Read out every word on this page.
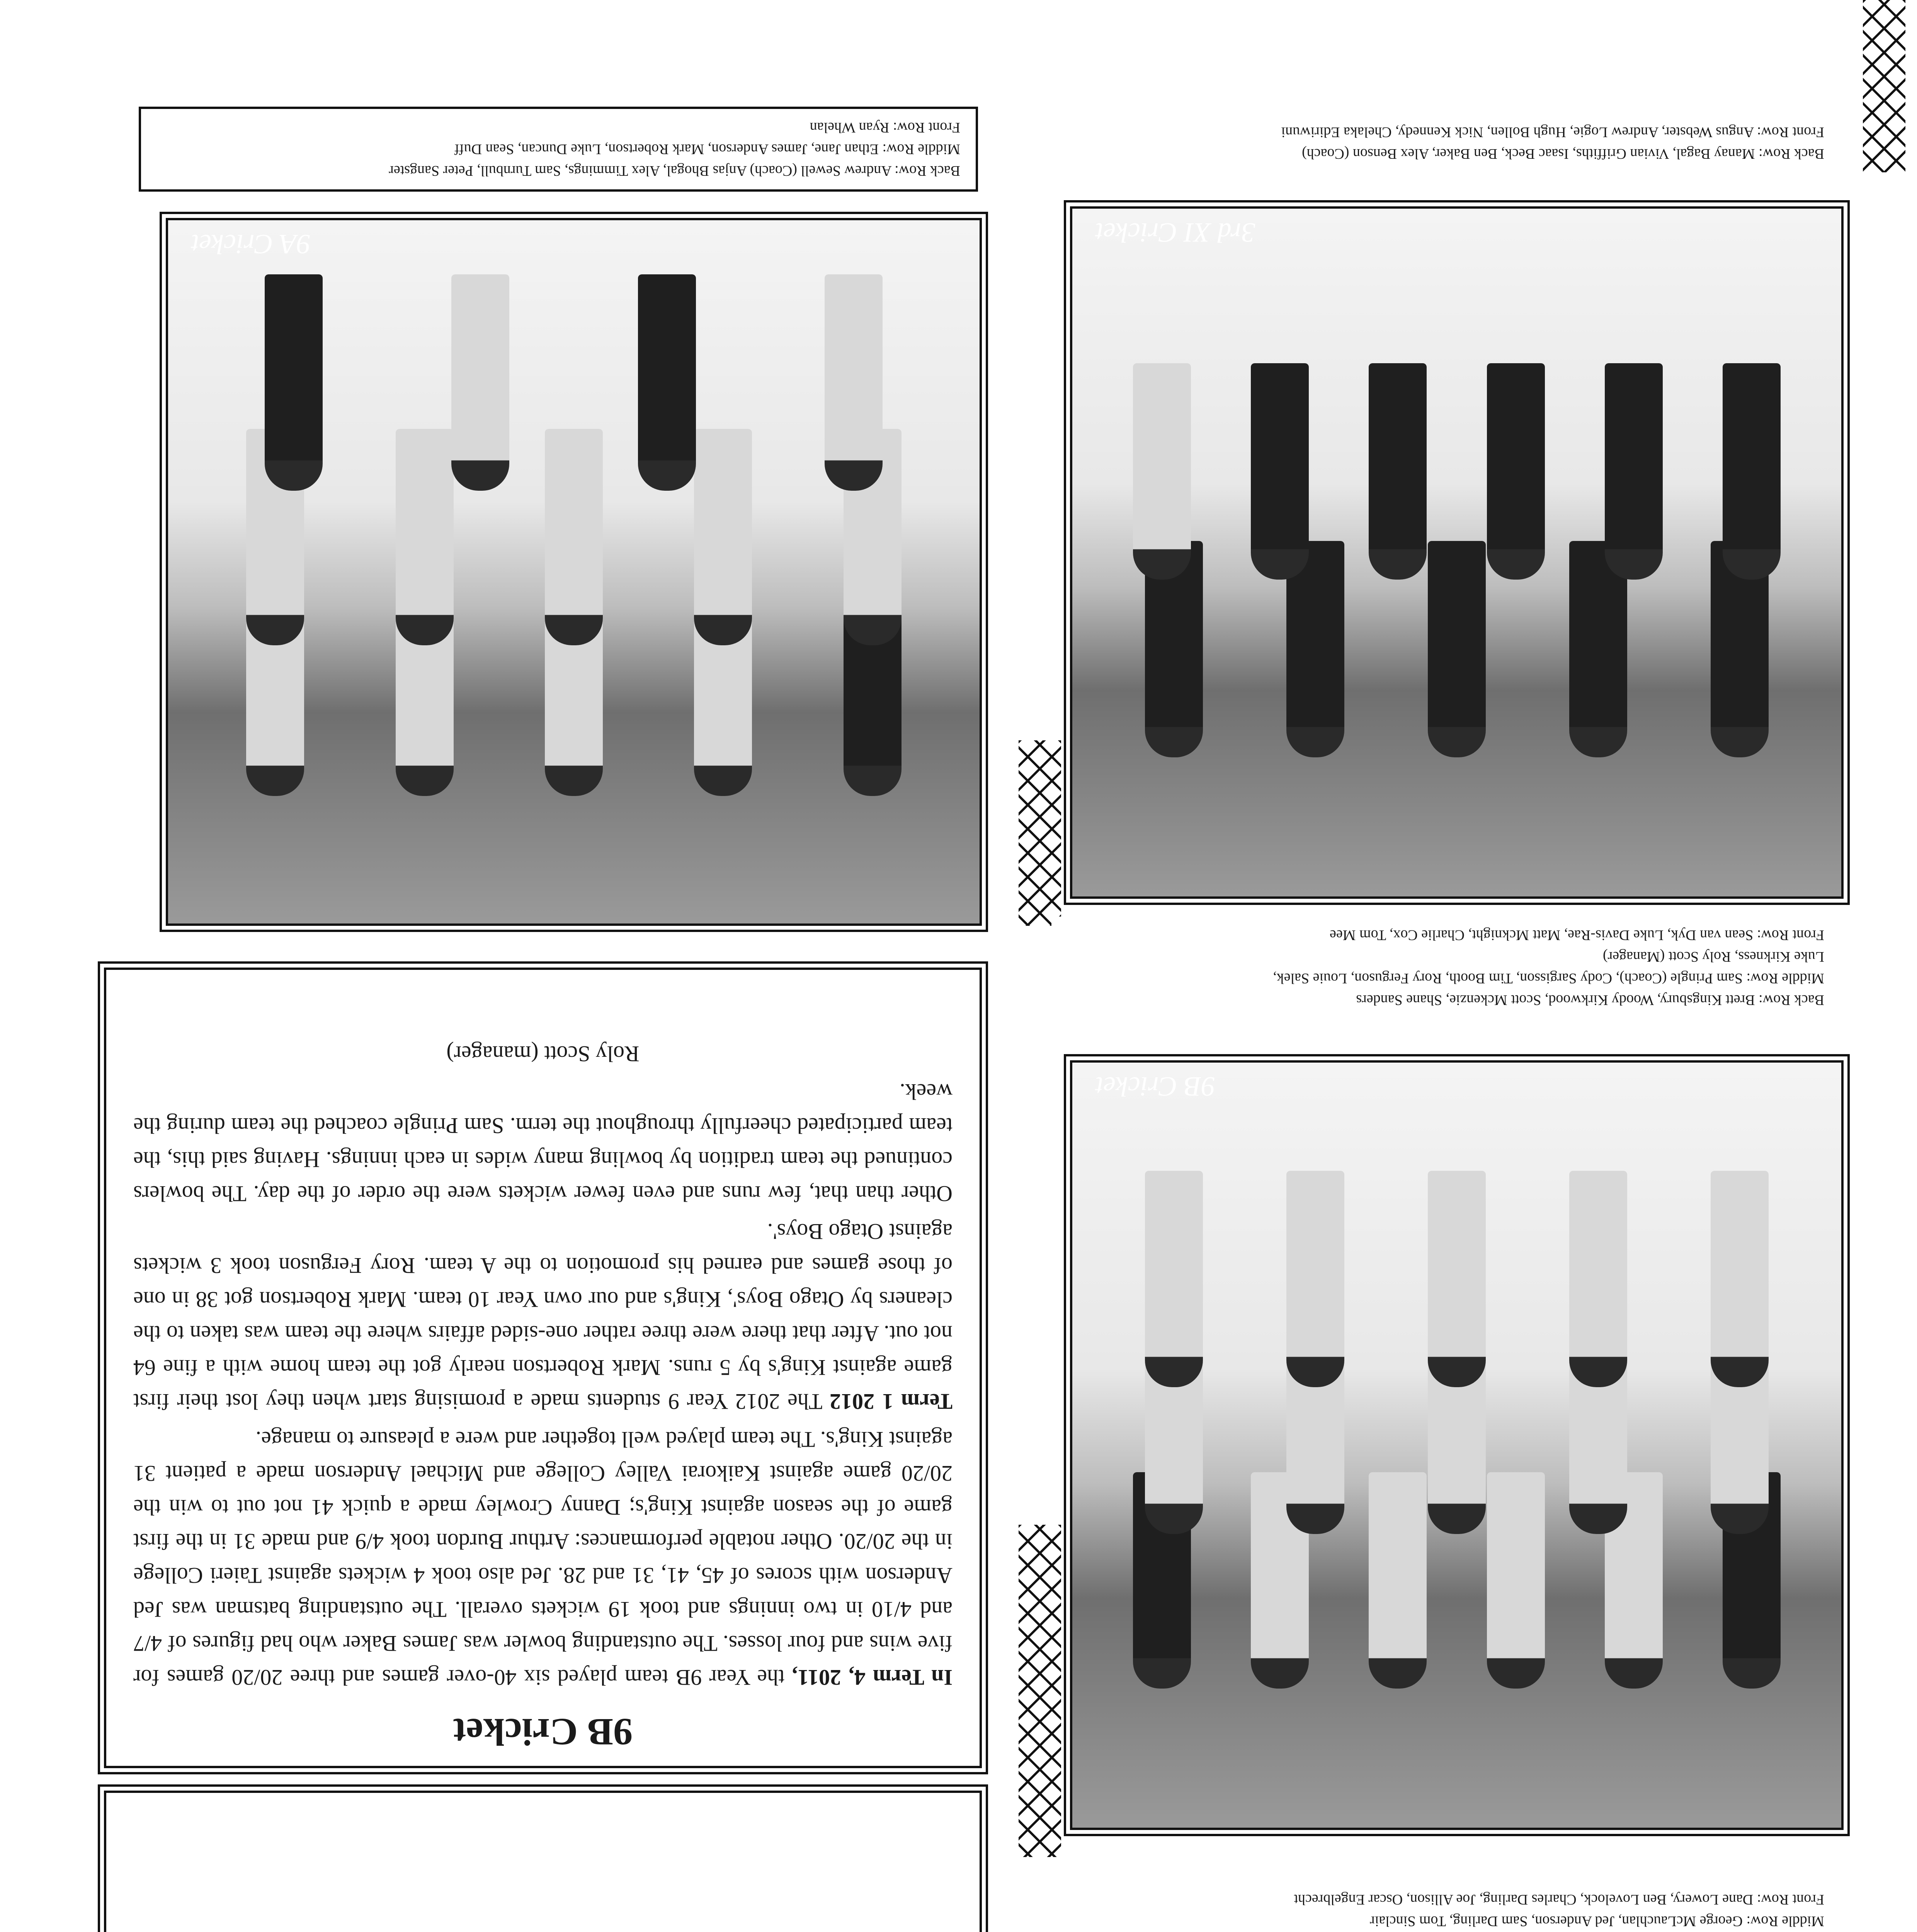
Middle Row: George McLauchlan, Jed Anderson, Sam Darling, Tom Sinclair

Front Row: Dane Lowery, Ben Lovelock, Charles Darling, Joe Allison, Oscar Engelbrecht

9B Cricket

Back Row: Brett Kingsbury, Woody Kirkwood, Scott Mckenzie, Shane Sanders

Middle Row: Sam Pringle (Coach), Cody Sargisson, Tim Booth, Rory Ferguson, Louie Salek,

Luke Kirkness, Roly Scott (Manager)

Front Row: Sean van Dyk, Luke Davis-Rae, Matt Mcknight, Charlie Cox, Tom Mee

3rd XI Cricket

Back Row: Manay Bagal, Vivian Griffiths, Isaac Beck, Ben Baker, Alex Benson (Coach)

Front Row: Angus Webster, Andrew Logie, Hugh Bollen, Nick Kennedy, Chelaka Ediriwuni

9B Cricket

In Term 4, 2011, the Year 9B team played six 40-over games and three 20/20 games for five wins and four losses. The outstanding bowler was James Baker who had figures of 4/7 and 4/10 in two innings and took 19 wickets overall. The outstanding batsman was Jed Anderson with scores of 45, 41, 31 and 28. Jed also took 4 wickets against Taieri College in the 20/20. Other notable performances: Arthur Burdon took 4/9 and made 31 in the first game of the season against King's; Danny Crowley made a quick 41 not out to win the 20/20 game against Kaikorai Valley College and Michael Anderson made a patient 31 against King's. The team played well together and were a pleasure to manage.

Term 1 2012 The 2012 Year 9 students made a promising start when they lost their first game against King's by 5 runs. Mark Robertson nearly got the team home with a fine 64 not out. After that there were three rather one-sided affairs where the team was taken to the cleaners by Otago Boys', King's and our own Year 10 team. Mark Robertson got 38 in one of those games and earned his promotion to the A team. Rory Ferguson took 3 wickets against Otago Boys'.

Other than that, few runs and even fewer wickets were the order of the day. The bowlers continued the team tradition by bowling many wides in each innings. Having said this, the team participated cheerfully throughout the term. Sam Pringle coached the team during the week.

Roly Scott (manager)

9A Cricket

Back Row: Andrew Sewell (Coach) Anjas Bhogal, Alex Timmings, Sam Turnbull, Peter Sangster

Middle Row: Ethan Jane, James Anderson, Mark Robertson, Luke Duncan, Sean Duff

Front Row: Ryan Whelan
